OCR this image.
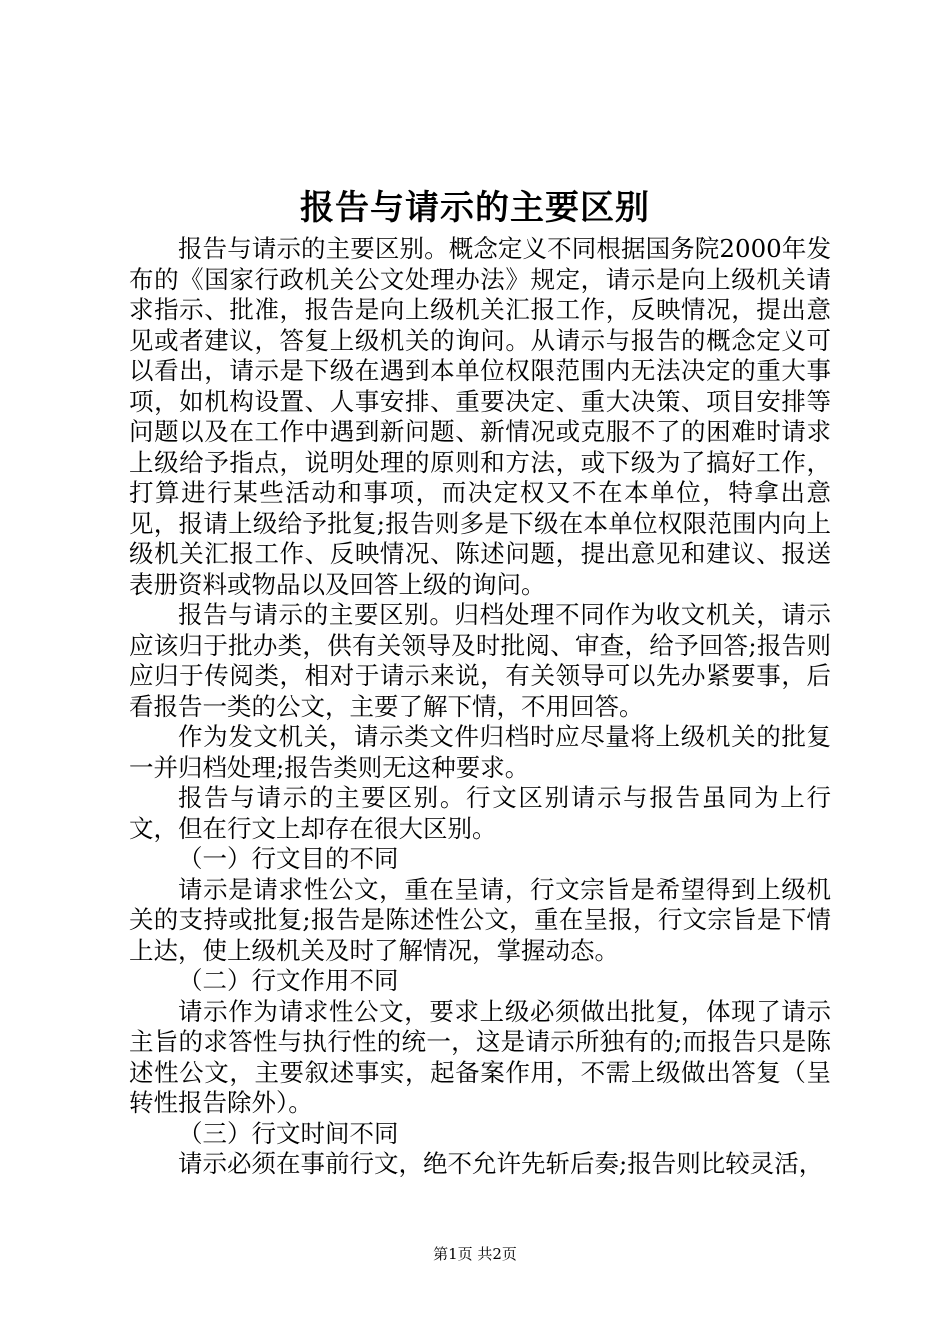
报告与请示的主要区别

报告与请示的主要区别。概念定义不同根据国务院2000年发布的《国家行政机关公文处理办法》规定，请示是向上级机关请求指示、批准，报告是向上级机关汇报工作，反映情况，提出意见或者建议，答复上级机关的询问。从请示与报告的概念定义可以看出，请示是下级在遇到本单位权限范围内无法决定的重大事项，如机构设置、人事安排、重要决定、重大决策、项目安排等问题以及在工作中遇到新问题、新情况或克服不了的困难时请求上级给予指点，说明处理的原则和方法，或下级为了搞好工作，打算进行某些活动和事项，而决定权又不在本单位，特拿出意见，报请上级给予批复;报告则多是下级在本单位权限范围内向上级机关汇报工作、反映情况、陈述问题，提出意见和建议、报送表册资料或物品以及回答上级的询问。

报告与请示的主要区别。归档处理不同作为收文机关，请示应该归于批办类，供有关领导及时批阅、审查，给予回答;报告则应归于传阅类，相对于请示来说，有关领导可以先办紧要事，后看报告一类的公文，主要了解下情，不用回答。

作为发文机关，请示类文件归档时应尽量将上级机关的批复一并归档处理;报告类则无这种要求。

报告与请示的主要区别。行文区别请示与报告虽同为上行文，但在行文上却存在很大区别。

（一）行文目的不同

请示是请求性公文，重在呈请，行文宗旨是希望得到上级机关的支持或批复;报告是陈述性公文，重在呈报，行文宗旨是下情上达，使上级机关及时了解情况，掌握动态。

（二）行文作用不同

请示作为请求性公文，要求上级必须做出批复，体现了请示主旨的求答性与执行性的统一，这是请示所独有的;而报告只是陈述性公文，主要叙述事实，起备案作用，不需上级做出答复（呈转性报告除外）。

（三）行文时间不同

请示必须在事前行文，绝不允许先斩后奏;报告则比较灵活，

第1页 共2页
